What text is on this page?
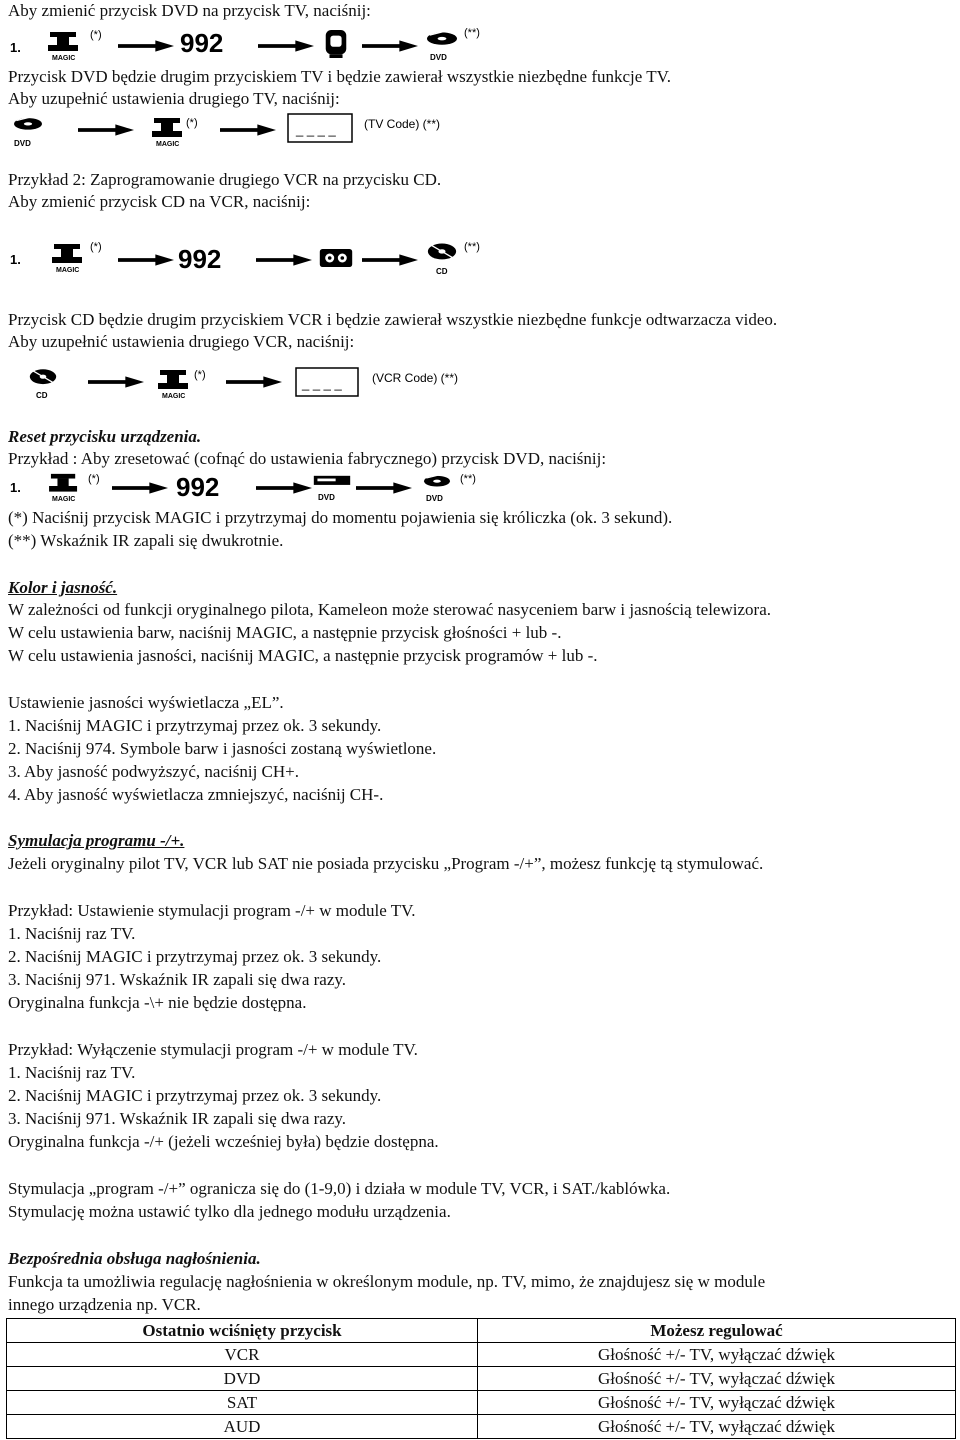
Aby zmienić przycisk DVD na przycisk TV, naciśnij:
1.
MAGIC
(*)	992	DVD
(**)
Przycisk DVD będzie drugim przyciskiem TV i będzie zawierał wszystkie niezbędne funkcje TV.
Aby uzupełnić ustawienia drugiego TV, naciśnij:
DVD	MAGIC
(*)	_ _ _ _ (TV Code) (**)
Przykład 2: Zaprogramowanie drugiego VCR na przycisku CD.
Aby zmienić przycisk CD na VCR, naciśnij:
1.
MAGIC
(*)	992	CD
(**)
Przycisk CD będzie drugim przyciskiem VCR i będzie zawierał wszystkie niezbędne funkcje odtwarzacza video.
Aby uzupełnić ustawienia drugiego VCR, naciśnij:
CD	MAGIC
(*)
_ _ _ _	(VCR Code) (**)
Reset przycisku urządzenia.
Przykład : Aby zresetować (cofnąć do ustawienia fabrycznego) przycisk DVD, naciśnij:
1.
MAGIC
(*)	992	DVD	DVD
(**)
(*) Naciśnij przycisk MAGIC i przytrzymaj do momentu pojawienia się króliczka (ok. 3 sekund).
(**) Wskaźnik IR zapali się dwukrotnie.
Kolor i jasność.
W zależności od funkcji oryginalnego pilota, Kameleon może sterować nasyceniem barw i jasnością telewizora.
W celu ustawienia barw, naciśnij MAGIC, a następnie przycisk głośności + lub -.
W celu ustawienia jasności, naciśnij MAGIC, a następnie przycisk programów + lub -.
Ustawienie jasności wyświetlacza „EL”.
1. Naciśnij MAGIC i przytrzymaj przez ok. 3 sekundy.
2. Naciśnij 974. Symbole barw i jasności zostaną wyświetlone.
3. Aby jasność podwyższyć, naciśnij CH+.
4. Aby jasność wyświetlacza zmniejszyć, naciśnij CH-.
Symulacja programu -/+.
Jeżeli oryginalny pilot TV, VCR lub SAT nie posiada przycisku „Program -/+”, możesz funkcję tą stymulować.
Przykład: Ustawienie stymulacji program -/+ w module TV.
1. Naciśnij raz TV.
2. Naciśnij MAGIC i przytrzymaj przez ok. 3 sekundy.
3. Naciśnij 971. Wskaźnik IR zapali się dwa razy.
Oryginalna funkcja -\+ nie będzie dostępna.
Przykład: Wyłączenie stymulacji program -/+ w module TV.
1. Naciśnij raz TV.
2. Naciśnij MAGIC i przytrzymaj przez ok. 3 sekundy.
3. Naciśnij 971. Wskaźnik IR zapali się dwa razy.
Oryginalna funkcja -/+ (jeżeli wcześniej była) będzie dostępna.
Stymulacja „program -/+” ogranicza się do (1-9,0) i działa w module TV, VCR, i SAT./kablówka.
Stymulację można ustawić tylko dla jednego modułu urządzenia.
Bezpośrednia obsługa nagłośnienia.
Funkcja ta umożliwia regulację nagłośnienia w określonym module, np. TV, mimo, że znajdujesz się w module
innego urządzenia np. VCR.
Ostatnio wciśnięty przycisk	Możesz regulować
VCR	Głośność +/- TV, wyłączać dźwięk
DVD	Głośność +/- TV, wyłączać dźwięk
SAT	Głośność +/- TV, wyłączać dźwięk
AUD	Głośność +/- TV, wyłączać dźwięk
